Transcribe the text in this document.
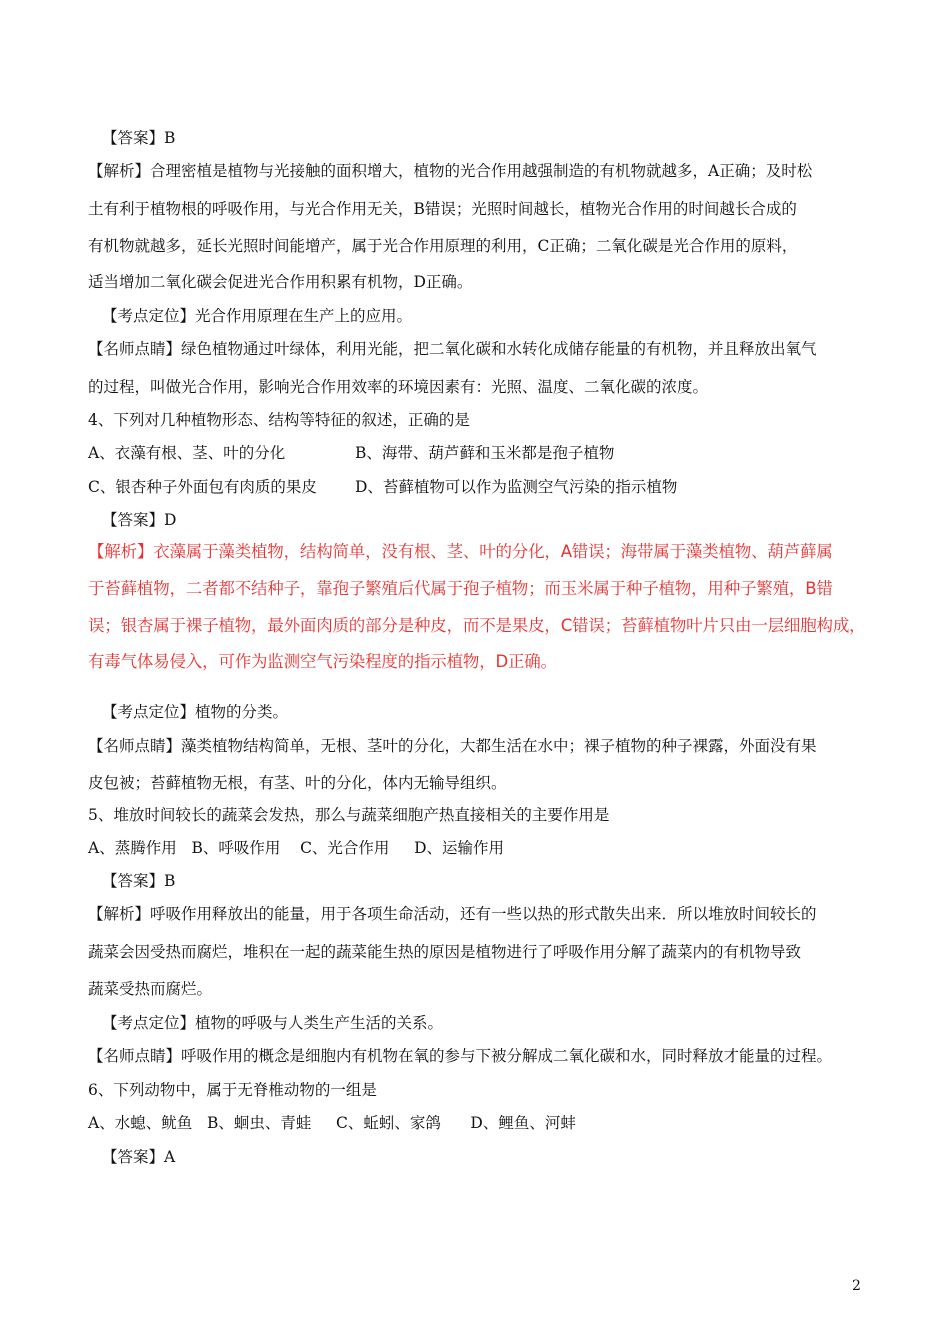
【答案】B
【解析】合理密植是植物与光接触的面积增大，植物的光合作用越强制造的有机物就越多，A正确；及时松
土有利于植物根的呼吸作用，与光合作用无关，B错误；光照时间越长，植物光合作用的时间越长合成的
有机物就越多，延长光照时间能增产，属于光合作用原理的利用，C正确；二氧化碳是光合作用的原料，
适当增加二氧化碳会促进光合作用积累有机物，D正确。
【考点定位】光合作用原理在生产上的应用。
【名师点睛】绿色植物通过叶绿体，利用光能，把二氧化碳和水转化成储存能量的有机物，并且释放出氧气
的过程，叫做光合作用，影响光合作用效率的环境因素有：光照、温度、二氧化碳的浓度。
4、下列对几种植物形态、结构等特征的叙述，正确的是
A、衣藻有根、茎、叶的分化	B、海带、葫芦藓和玉米都是孢子植物
C、银杏种子外面包有肉质的果皮 D、苔藓植物可以作为监测空气污染的指示植物
【答案】D
【解析】衣藻属于藻类植物，结构简单，没有根、茎、叶的分化，A错误；海带属于藻类植物、葫芦藓属
于苔藓植物，二者都不结种子，靠孢子繁殖后代属于孢子植物；而玉米属于种子植物，用种子繁殖，B错
误；银杏属于裸子植物，最外面肉质的部分是种皮，而不是果皮，C错误；苔藓植物叶片只由一层细胞构成，
有毒气体易侵入，可作为监测空气污染程度的指示植物，D正确。
【考点定位】植物的分类。
【名师点睛】藻类植物结构简单，无根、茎叶的分化，大都生活在水中；裸子植物的种子裸露，外面没有果
皮包被；苔藓植物无根，有茎、叶的分化，体内无输导组织。
5、堆放时间较长的蔬菜会发热，那么与蔬菜细胞产热直接相关的主要作用是
A、蒸腾作用   B、呼吸作用    C、光合作用     D、运输作用
【答案】B
【解析】呼吸作用释放出的能量，用于各项生命活动，还有一些以热的形式散失出来．所以堆放时间较长的
蔬菜会因受热而腐烂，堆积在一起的蔬菜能生热的原因是植物进行了呼吸作用分解了蔬菜内的有机物导致
蔬菜受热而腐烂。
【考点定位】植物的呼吸与人类生产生活的关系。
【名师点睛】呼吸作用的概念是细胞内有机物在氧的参与下被分解成二氧化碳和水，同时释放才能量的过程。
6、下列动物中，属于无脊椎动物的一组是
A、水螅、鱿鱼   B、蛔虫、青蛙     C、蚯蚓、家鸽      D、鲤鱼、河蚌
【答案】A
2
